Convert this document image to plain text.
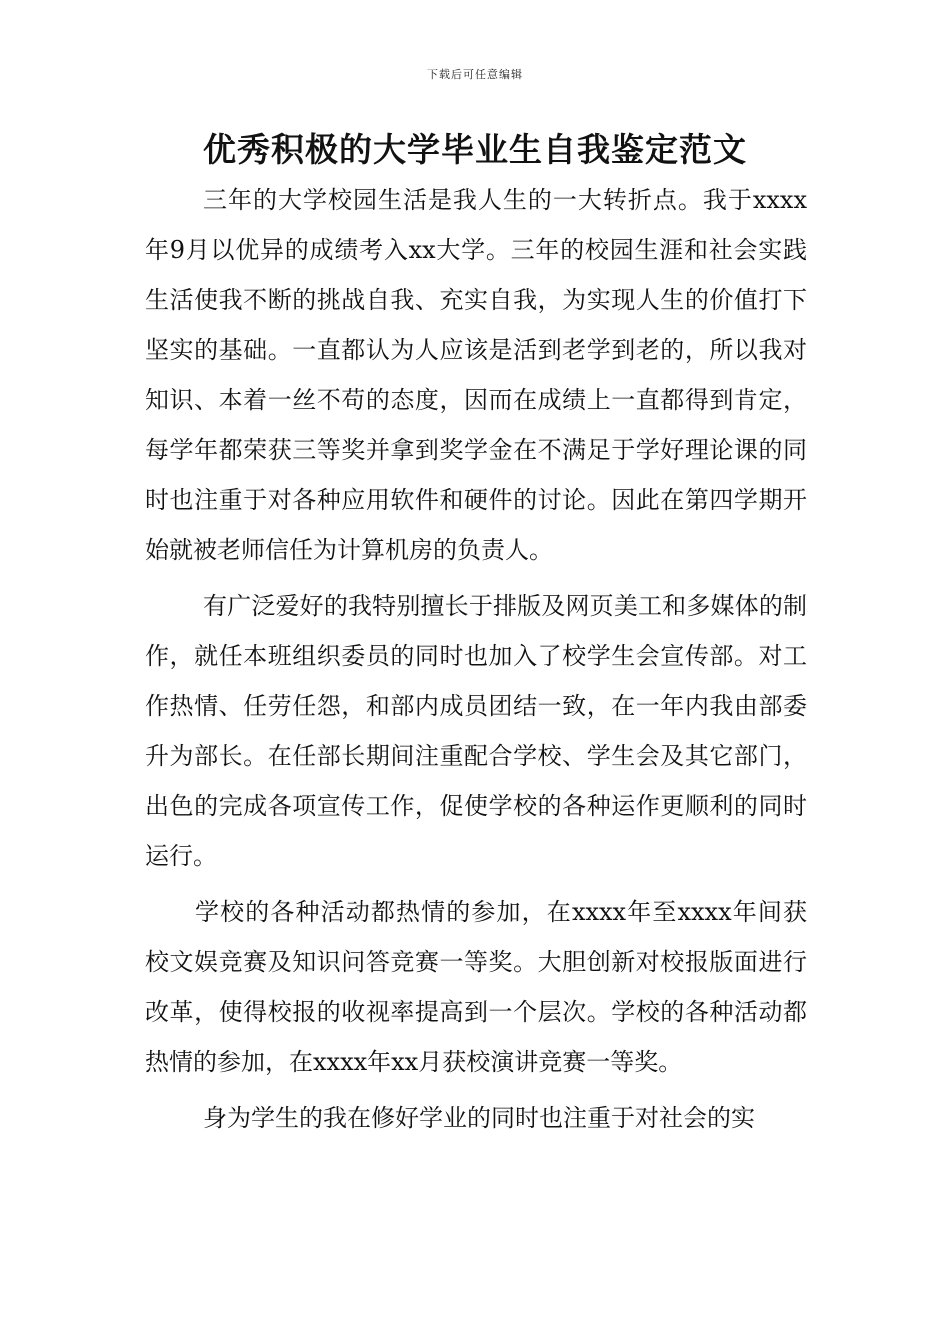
下载后可任意编辑
优秀积极的大学毕业生自我鉴定范文

三年的大学校园生活是我人生的一大转折点。我于xxxx年9月以优异的成绩考入xx大学。三年的校园生涯和社会实践生活使我不断的挑战自我、充实自我，为实现人生的价值打下坚实的基础。一直都认为人应该是活到老学到老的，所以我对知识、本着一丝不苟的态度，因而在成绩上一直都得到肯定，每学年都荣获三等奖并拿到奖学金在不满足于学好理论课的同时也注重于对各种应用软件和硬件的讨论。因此在第四学期开始就被老师信任为计算机房的负责人。

有广泛爱好的我特别擅长于排版及网页美工和多媒体的制作，就任本班组织委员的同时也加入了校学生会宣传部。对工作热情、任劳任怨，和部内成员团结一致，在一年内我由部委升为部长。在任部长期间注重配合学校、学生会及其它部门，出色的完成各项宣传工作，促使学校的各种运作更顺利的同时运行。

学校的各种活动都热情的参加，在xxxx年至xxxx年间获校文娱竞赛及知识问答竞赛一等奖。大胆创新对校报版面进行改革，使得校报的收视率提高到一个层次。学校的各种活动都热情的参加，在xxxx年xx月获校演讲竞赛一等奖。

身为学生的我在修好学业的同时也注重于对社会的实
